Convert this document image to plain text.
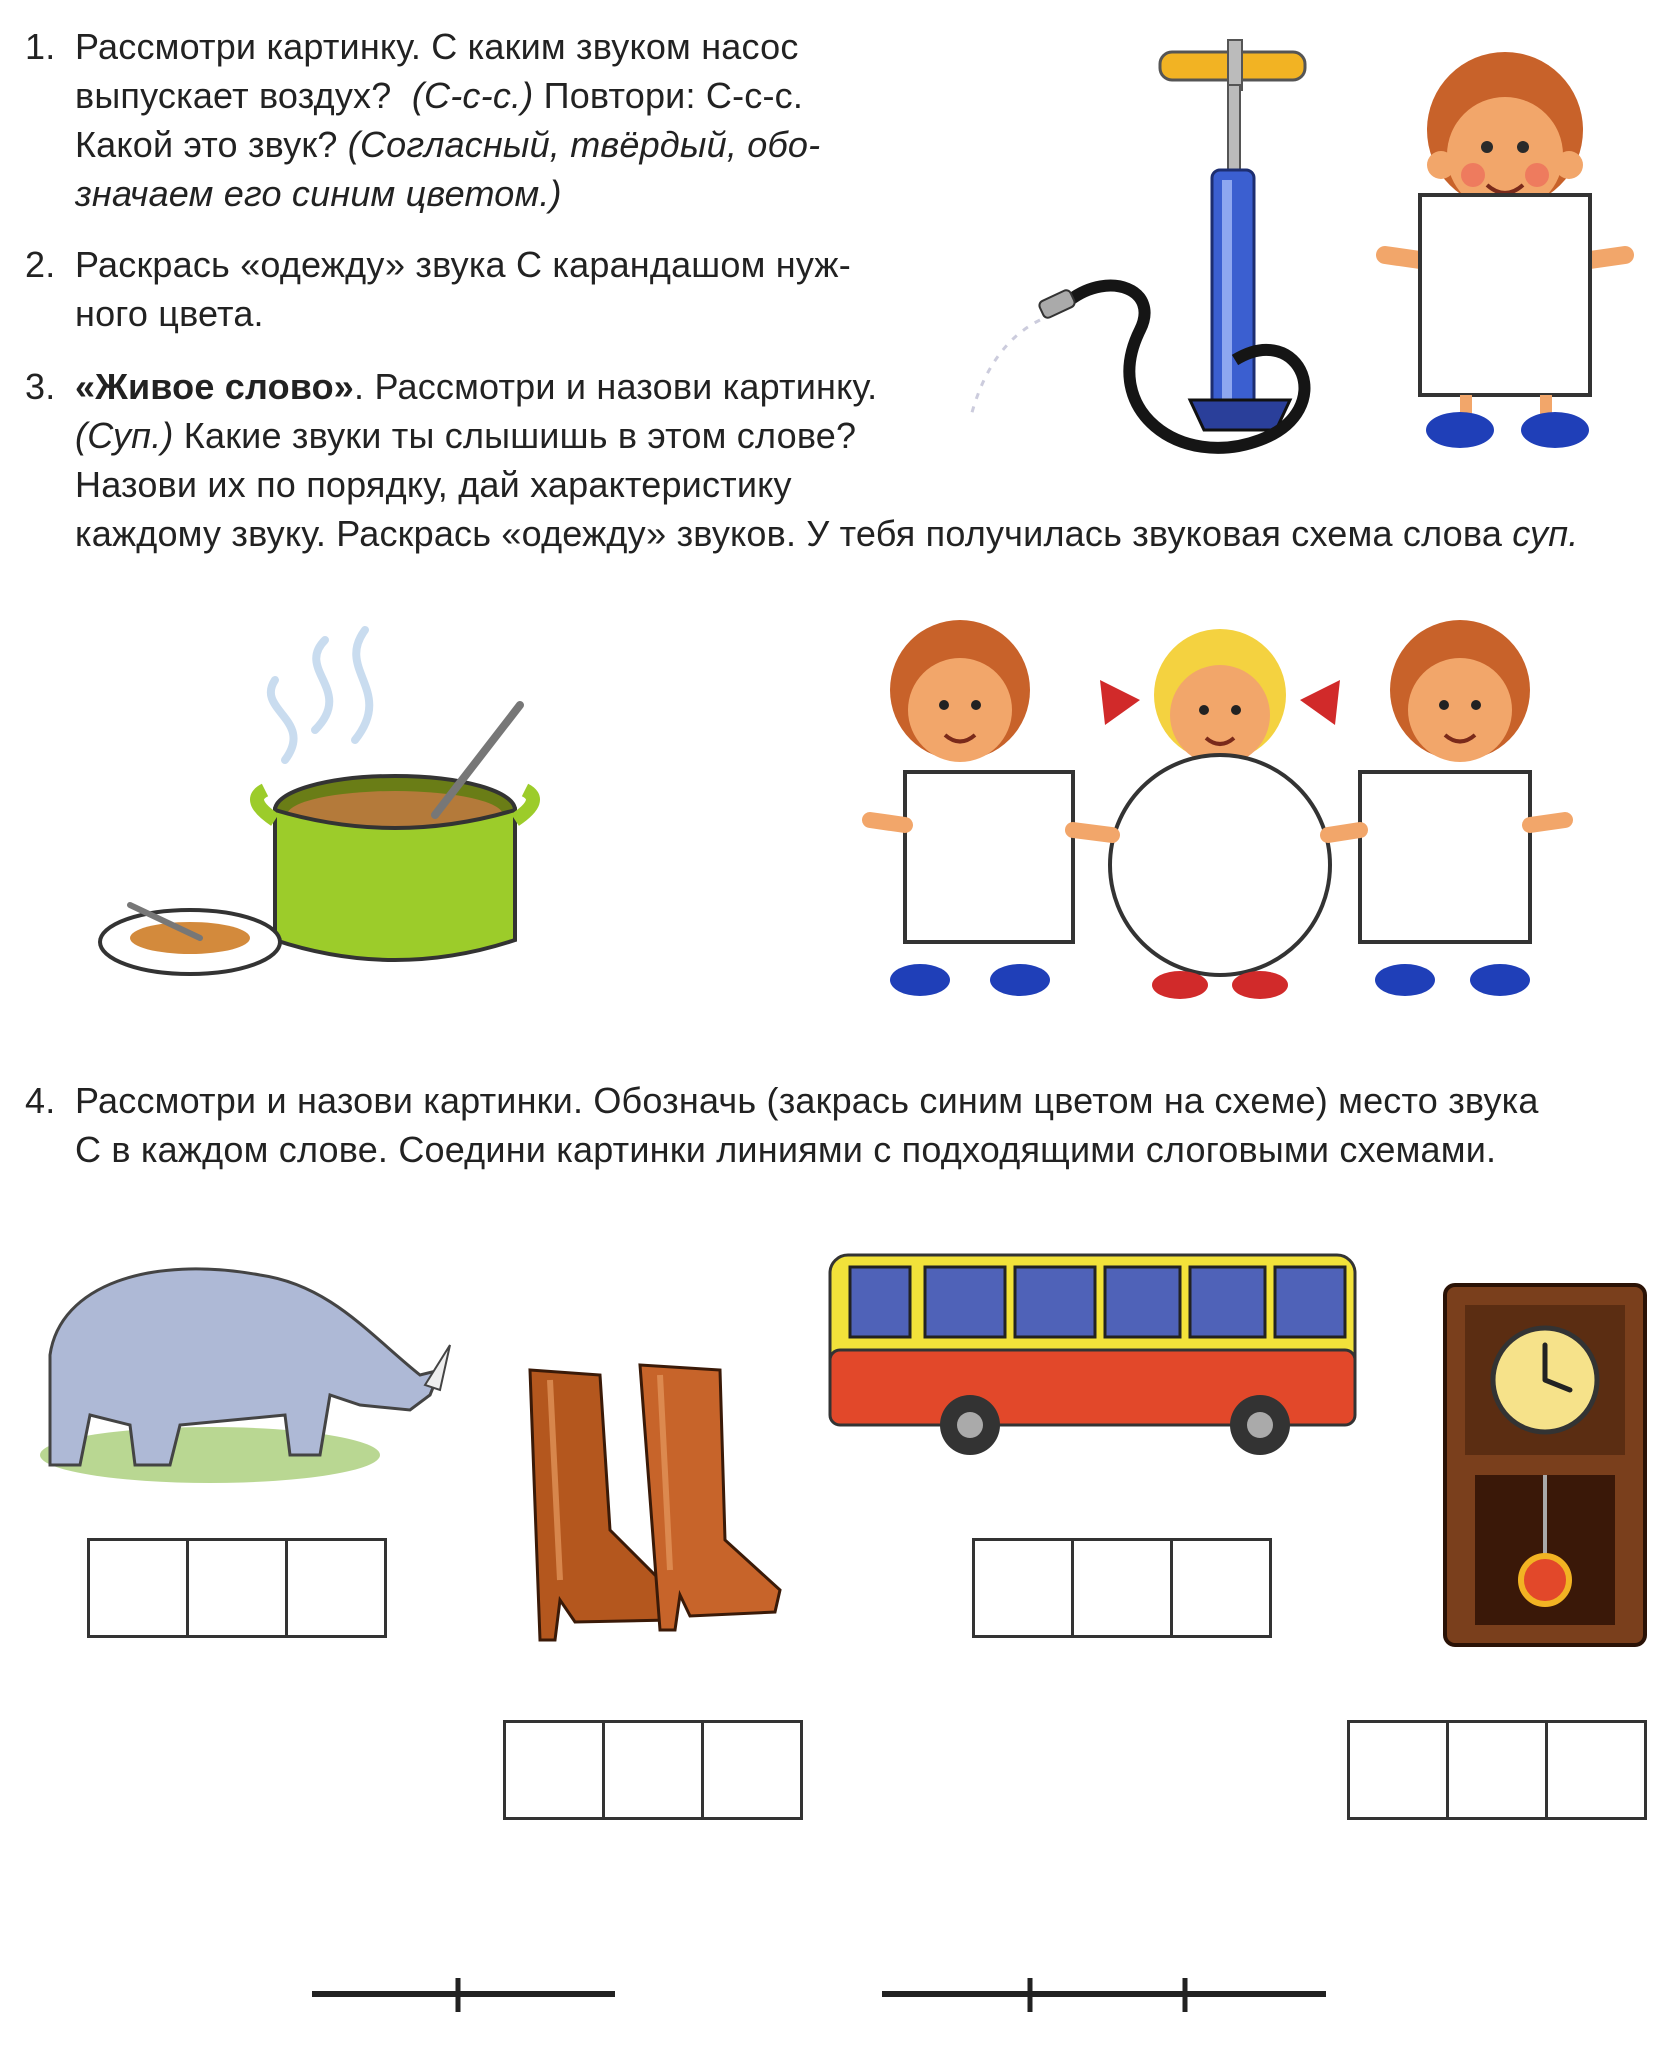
1. Рассмотри картинку. С каким звуком насос
выпускает воздух? (С-с-с.) Повтори: С-с-с.
Какой это звук? (Согласный, твёрдый, обо-
значаем его синим цветом.)
2. Раскрась «одежду» звука С карандашом нуж-
ного цвета.
3. «Живое слово». Рассмотри и назови картинку.
(Суп.) Какие звуки ты слышишь в этом слове?
Назови их по порядку, дай характеристику
каждому звуку. Раскрась «одежду» звуков. У тебя получилась звуковая схема слова суп.
4. Рассмотри и назови картинки. Обозначь (закрась синим цветом на схеме) место звука
С в каждом слове. Соедини картинки линиями с подходящими слоговыми схемами.
